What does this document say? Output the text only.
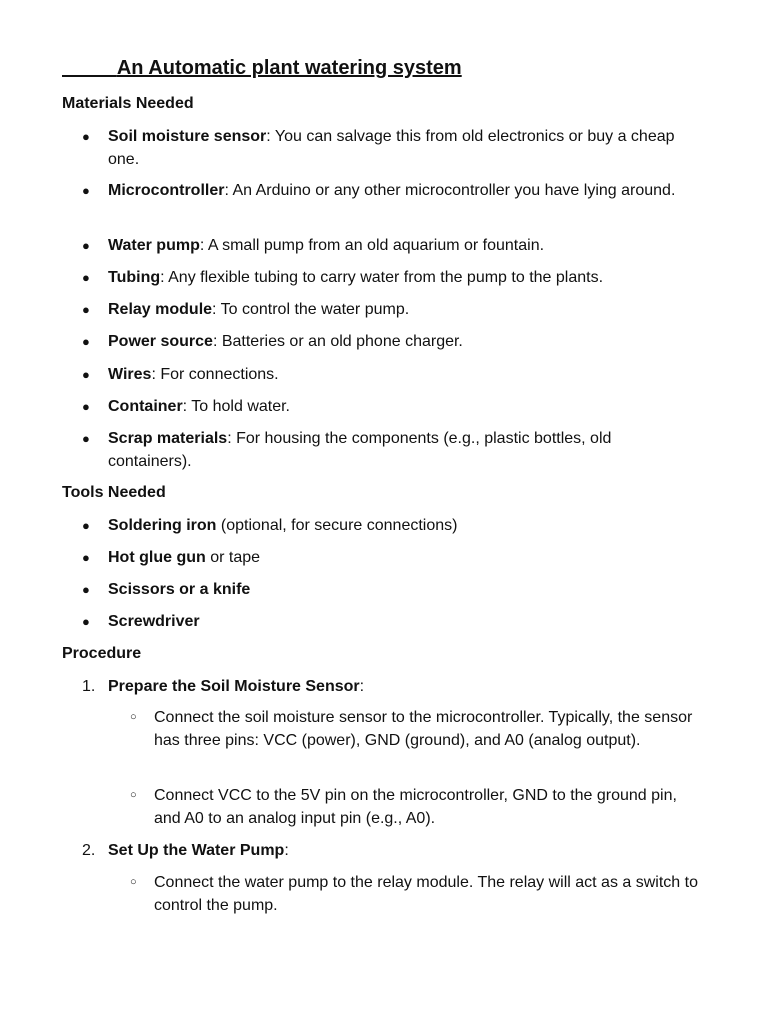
An Automatic plant watering system
Materials Needed
●	Soil moisture sensor: You can salvage this from old electronics or buy a cheap one.
●	Microcontroller: An Arduino or any other microcontroller you have lying around.
●	Water pump: A small pump from an old aquarium or fountain.
●	Tubing: Any flexible tubing to carry water from the pump to the plants.
●	Relay module: To control the water pump.
●	Power source: Batteries or an old phone charger.
●	Wires: For connections.
●	Container: To hold water.
●	Scrap materials: For housing the components (e.g., plastic bottles, old containers).
Tools Needed
●	Soldering iron (optional, for secure connections)
●	Hot glue gun or tape
●	Scissors or a knife
●	Screwdriver
Procedure
1. Prepare the Soil Moisture Sensor:
○	Connect the soil moisture sensor to the microcontroller. Typically, the sensor has three pins: VCC (power), GND (ground), and A0 (analog output).
○	Connect VCC to the 5V pin on the microcontroller, GND to the ground pin, and A0 to an analog input pin (e.g., A0).
2. Set Up the Water Pump:
○	Connect the water pump to the relay module. The relay will act as a switch to control the pump.
